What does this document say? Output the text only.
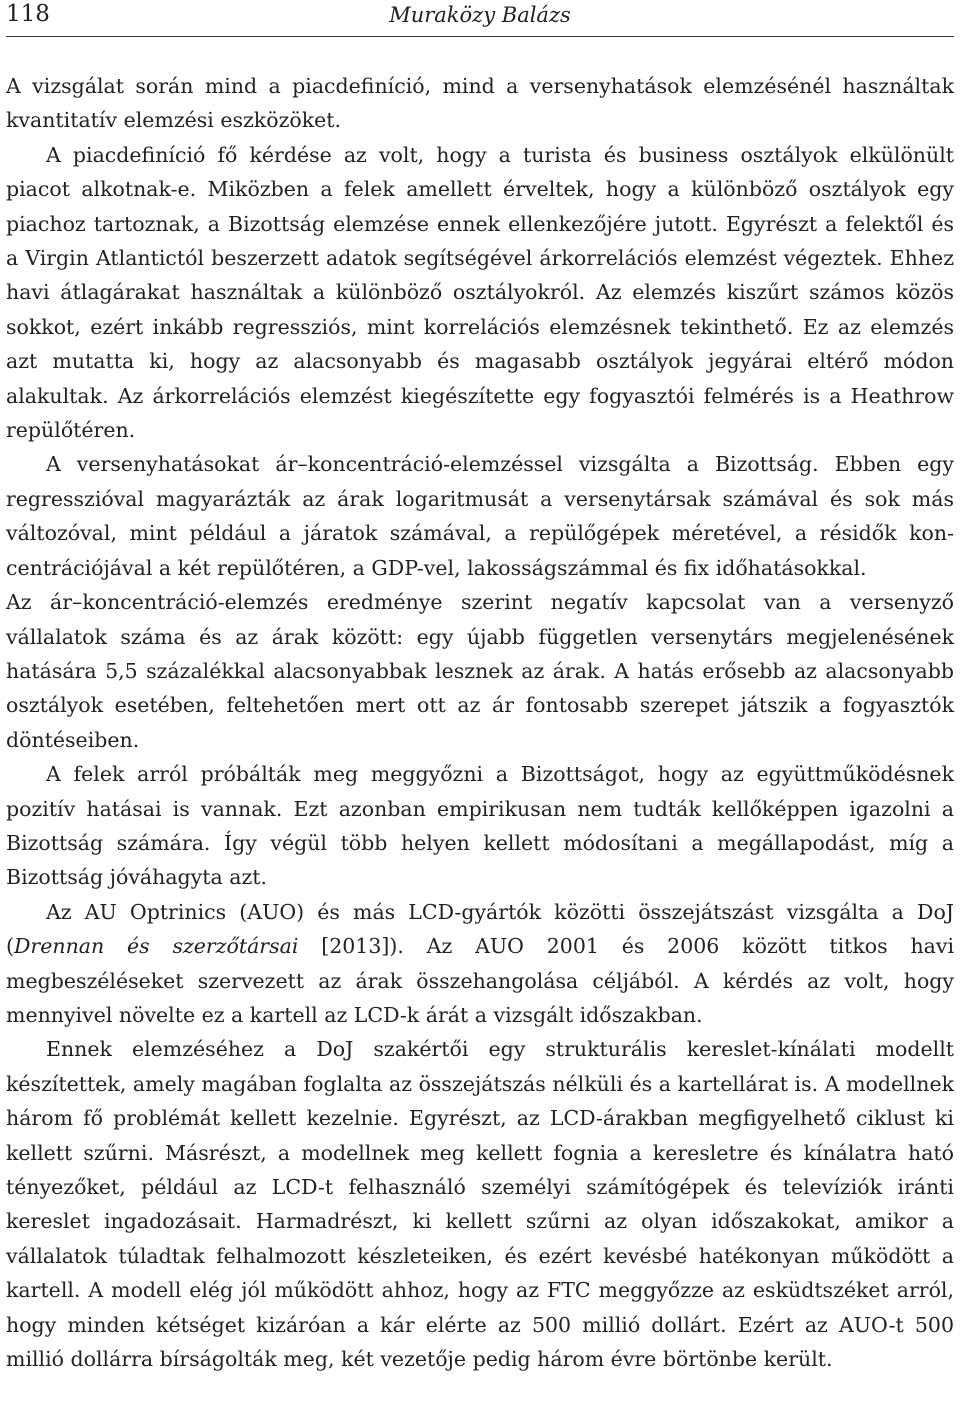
118	Muraközy Balázs

A vizsgálat során mind a piacdefiníció, mind a versenyhatások elemzésénél használtak kvantitatív elemzési eszközöket.

A piacdefiníció fő kérdése az volt, hogy a turista és business osztályok elkülönült piacot alkotnak-e. Miközben a felek amellett érveltek, hogy a különböző osztályok egy piachoz tartoznak, a Bizottság elemzése ennek ellenkezőjére jutott. Egyrészt a felektől és a Virgin Atlantictól beszerzett adatok segítségével árkorrelációs elemzést végeztek. Ehhez havi átlagárakat használtak a különböző osztályokról. Az elemzés kiszűrt számos közös sokkot, ezért inkább regressziós, mint korrelációs elemzésnek tekinthető. Ez az elemzés azt mutatta ki, hogy az alacsonyabb és magasabb osztályok jegyárai eltérő módon alakultak. Az árkorrelációs elemzést kiegészítette egy fogyasztói felmérés is a Heathrow repülőtéren.

A versenyhatásokat ár–koncentráció-elemzéssel vizsgálta a Bizottság. Ebben egy regresszióval magyarázták az árak logaritmusát a versenytársak számával és sok más változóval, mint például a járatok számával, a repülőgépek méretével, a résidők koncentrációjával a két repülőtéren, a GDP-vel, lakosságszámmal és fix időhatásokkal.

Az ár–koncentráció-elemzés eredménye szerint negatív kapcsolat van a versenyző vállalatok száma és az árak között: egy újabb független versenytárs megjelenésének hatására 5,5 százalékkal alacsonyabbak lesznek az árak. A hatás erősebb az alacsonyabb osztályok esetében, feltehetően mert ott az ár fontosabb szerepet játszik a fogyasztók döntéseiben.

A felek arról próbálták meg meggyőzni a Bizottságot, hogy az együttműködésnek pozitív hatásai is vannak. Ezt azonban empirikusan nem tudták kellőképpen igazolni a Bizottság számára. Így végül több helyen kellett módosítani a megállapodást, míg a Bizottság jóváhagyta azt.

Az AU Optrinics (AUO) és más LCD-gyártók közötti összejátszást vizsgálta a DoJ (Drennan és szerzőtársai [2013]). Az AUO 2001 és 2006 között titkos havi megbeszéléseket szervezett az árak összehangolása céljából. A kérdés az volt, hogy mennyivel növelte ez a kartell az LCD-k árát a vizsgált időszakban.

Ennek elemzéséhez a DoJ szakértői egy strukturális kereslet-kínálati modellt készítettek, amely magában foglalta az összejátszás nélküli és a kartellárat is. A modellnek három fő problémát kellett kezelnie. Egyrészt, az LCD-árakban megfigyelhető ciklust ki kellett szűrni. Másrészt, a modellnek meg kellett fognia a keresletre és kínálatra ható tényezőket, például az LCD-t felhasználó személyi számítógépek és televíziók iránti kereslet ingadozásait. Harmadrészt, ki kellett szűrni az olyan időszakokat, amikor a vállalatok túladtak felhalmozott készleteiken, és ezért kevésbé hatékonyan működött a kartell. A modell elég jól működött ahhoz, hogy az FTC meggyőzze az esküdtszéket arról, hogy minden kétséget kizáróan a kár elérte az 500 millió dollárt. Ezért az AUO-t 500 millió dollárra bírságolták meg, két vezetője pedig három évre börtönbe került.
